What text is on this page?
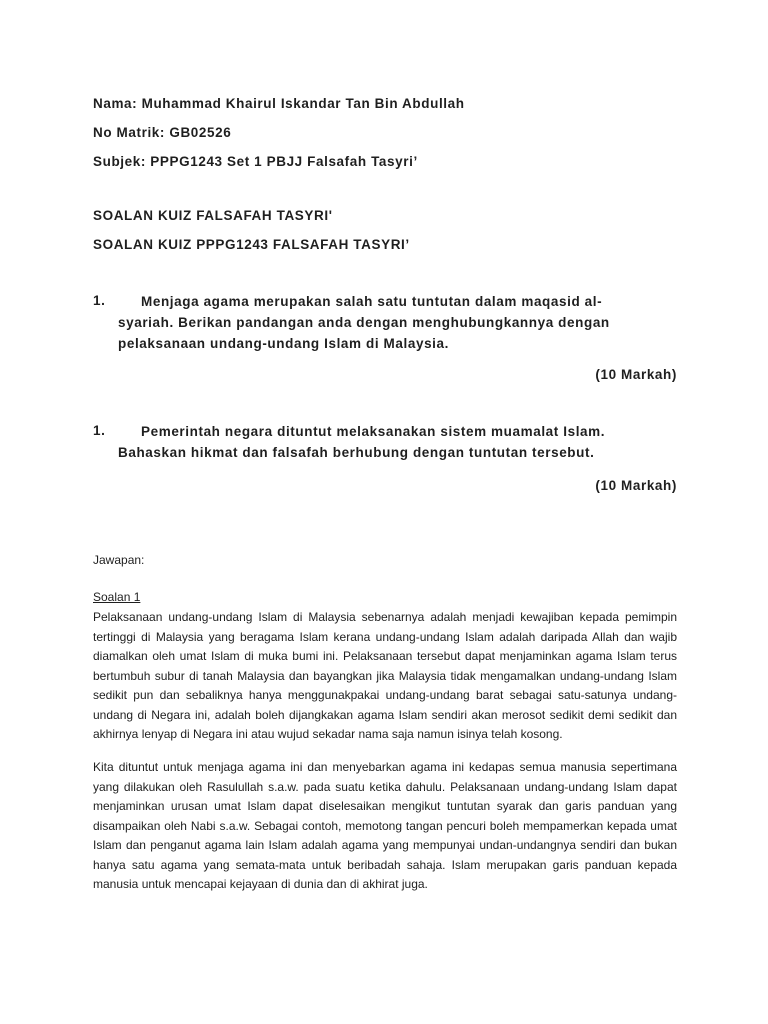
Nama: Muhammad Khairul Iskandar Tan Bin Abdullah
No Matrik: GB02526
Subjek: PPPG1243 Set 1 PBJJ Falsafah Tasyri’
SOALAN KUIZ FALSAFAH TASYRI'
SOALAN KUIZ PPPG1243 FALSAFAH TASYRI’
1.	Menjaga agama merupakan salah satu tuntutan dalam maqasid al-syariah. Berikan pandangan anda dengan menghubungkannya dengan pelaksanaan undang-undang Islam di Malaysia.
(10 Markah)
1.	Pemerintah negara dituntut melaksanakan sistem muamalat Islam. Bahaskan hikmat dan falsafah berhubung dengan tuntutan tersebut.
(10 Markah)
Jawapan:
Soalan 1
Pelaksanaan undang-undang Islam di Malaysia sebenarnya adalah menjadi kewajiban kepada pemimpin tertinggi di Malaysia yang beragama Islam kerana undang-undang Islam adalah daripada Allah dan wajib diamalkan oleh umat Islam di muka bumi ini. Pelaksanaan tersebut dapat menjaminkan agama Islam terus bertumbuh subur di tanah Malaysia dan bayangkan jika Malaysia tidak mengamalkan undang-undang Islam sedikit pun dan sebaliknya hanya menggunakpakai undang-undang barat sebagai satu-satunya undang-undang di Negara ini, adalah boleh dijangkakan agama Islam sendiri akan merosot sedikit demi sedikit dan akhirnya lenyap di Negara ini atau wujud sekadar nama saja namun isinya telah kosong.
Kita dituntut untuk menjaga agama ini dan menyebarkan agama ini kedapas semua manusia sepertimana yang dilakukan oleh Rasulullah s.a.w. pada suatu ketika dahulu. Pelaksanaan undang-undang Islam dapat menjaminkan urusan umat Islam dapat diselesaikan mengikut tuntutan syarak dan garis panduan yang disampaikan oleh Nabi s.a.w. Sebagai contoh, memotong tangan pencuri boleh mempamerkan kepada umat Islam dan penganut agama lain Islam adalah agama yang mempunyai undan-undangnya sendiri dan bukan hanya satu agama yang semata-mata untuk beribadah sahaja. Islam merupakan garis panduan kepada manusia untuk mencapai kejayaan di dunia dan di akhirat juga.
